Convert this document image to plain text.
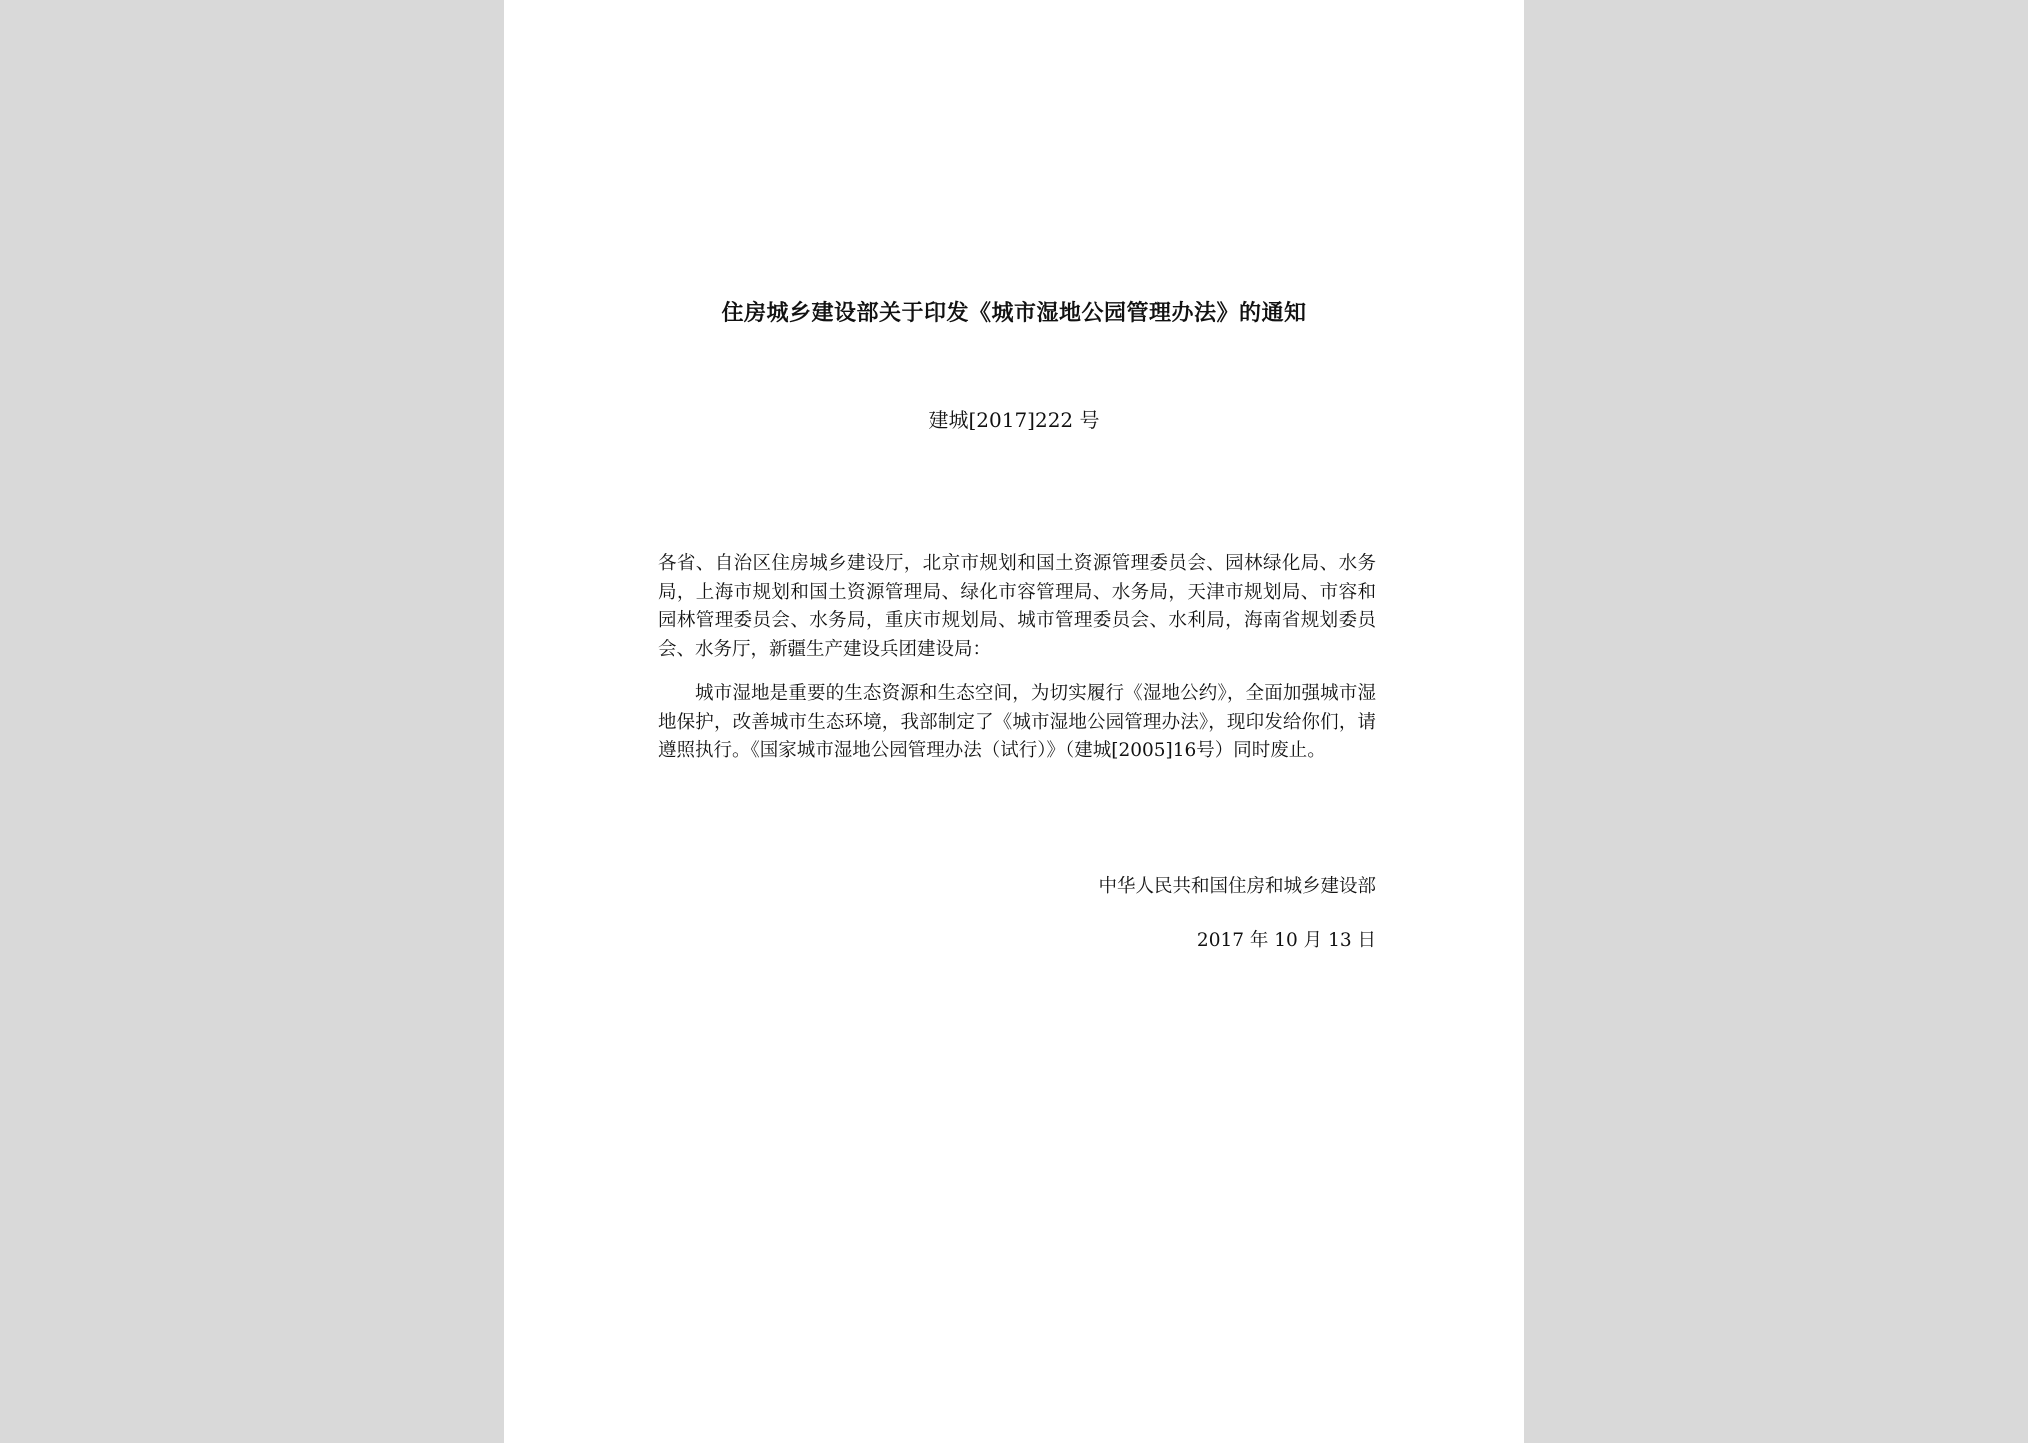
住房城乡建设部关于印发《城市湿地公园管理办法》的通知
建城[2017]222 号

各省、自治区住房城乡建设厅，北京市规划和国土资源管理委员会、园林绿化局、水务局，上海市规划和国土资源管理局、绿化市容管理局、水务局，天津市规划局、市容和园林管理委员会、水务局，重庆市规划局、城市管理委员会、水利局，海南省规划委员会、水务厅，新疆生产建设兵团建设局：

城市湿地是重要的生态资源和生态空间，为切实履行《湿地公约》，全面加强城市湿地保护，改善城市生态环境，我部制定了《城市湿地公园管理办法》，现印发给你们，请遵照执行。《国家城市湿地公园管理办法（试行）》（建城[2005]16号）同时废止。

中华人民共和国住房和城乡建设部
2017 年 10 月 13 日
